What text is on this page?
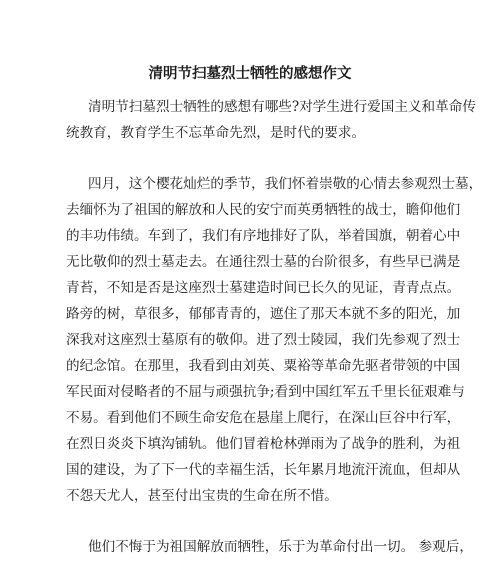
清明节扫墓烈士牺牲的感想作文
清明节扫墓烈士牺牲的感想有哪些?对学生进行爱国主义和革命传
统教育，教育学生不忘革命先烈，是时代的要求。
四月，这个樱花灿烂的季节，我们怀着崇敬的心情去参观烈士墓，
去缅怀为了祖国的解放和人民的安宁而英勇牺牲的战士，瞻仰他们
的丰功伟绩。车到了，我们有序地排好了队，举着国旗，朝着心中
无比敬仰的烈士墓走去。在通往烈士墓的台阶很多，有些早已满是
青苔，不知是否是这座烈士墓建造时间已长久的见证，青青点点。
路旁的树，草很多，郁郁青青的，遮住了那天本就不多的阳光，加
深我对这座烈士墓原有的敬仰。进了烈士陵园，我们先参观了烈士
的纪念馆。在那里，我看到由刘英、粟裕等革命先驱者带领的中国
军民面对侵略者的不屈与顽强抗争;看到中国红军五千里长征艰难与
不易。看到他们不顾生命安危在悬崖上爬行，在深山巨谷中行军，
在烈日炎炎下填沟铺轨。他们冒着枪林弹雨为了战争的胜利，为祖
国的建设，为了下一代的幸福生活，长年累月地流汗流血，但却从
不怨天尤人，甚至付出宝贵的生命在所不惜。
他们不悔于为祖国解放而牺牲，乐于为革命付出一切。 参观后，
